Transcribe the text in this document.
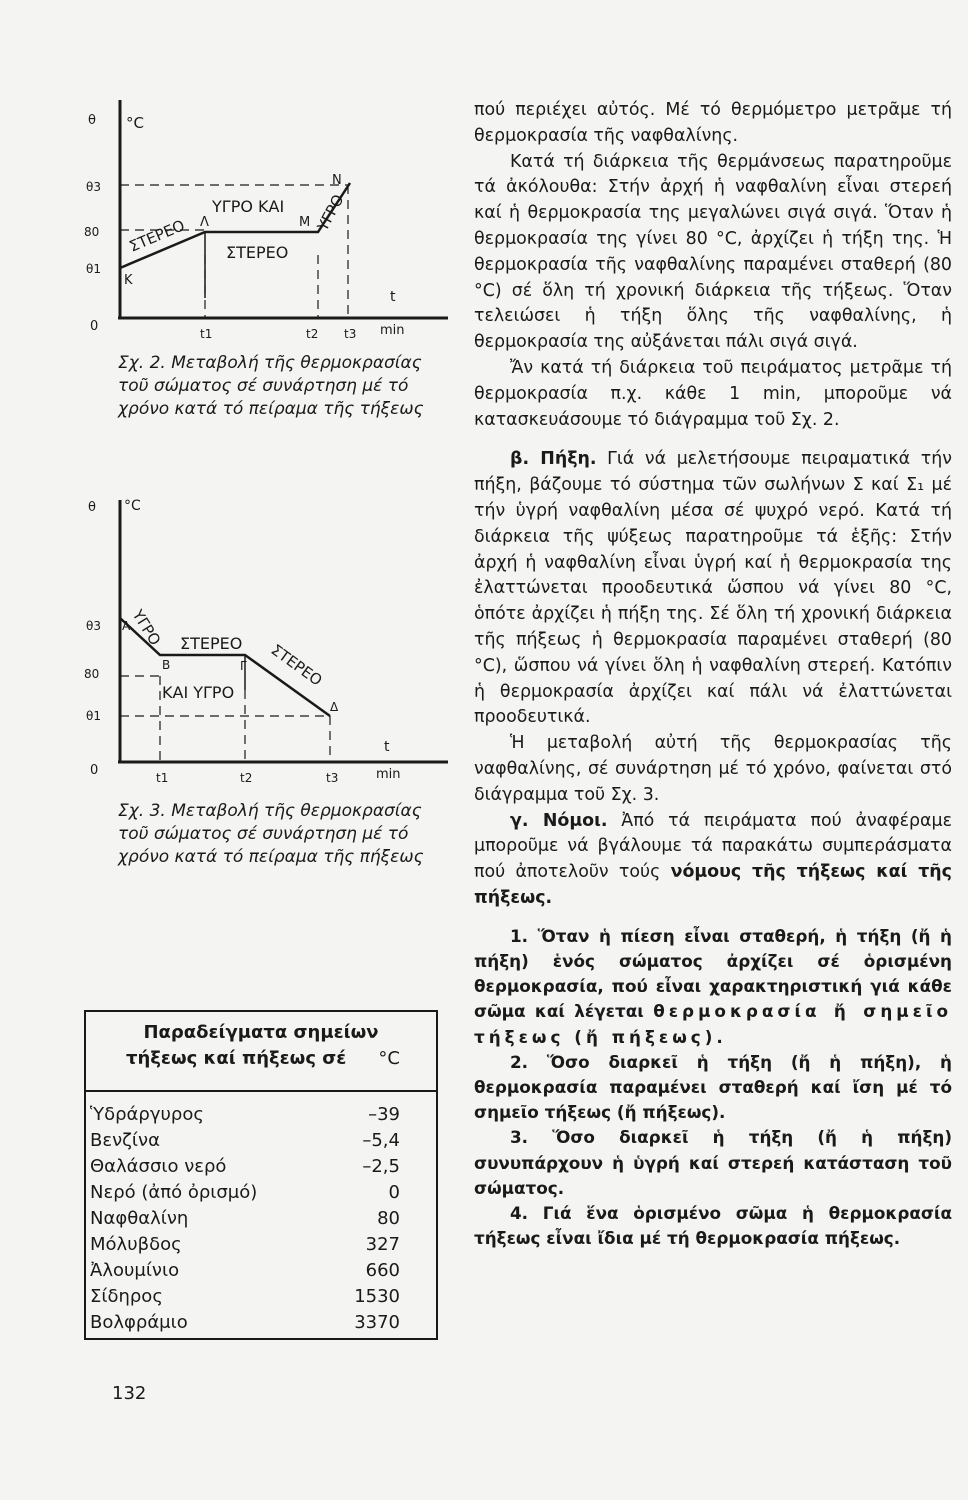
θ °C
0
θ3
80
θ1
t1	t2 t3
t
min
K
Λ	M
N
ΣΤΕΡΕΟ
ΥΓΡΟ ΚΑΙ
ΣΤΕΡΕΟ
ΥΓΡΟ
Σχ. 2. Μεταβολή τῆς θερμοκρασίας
τοῦ σώματος σέ συνάρτηση μέ τό
χρόνο κατά τό πείραμα τῆς τήξεως
θ °C
0
θ3
80
θ1
t1	t2	t3
t
min
A
B	Γ
Δ
ΥΓΡΟ ΣΤΕΡΕΟ
ΚΑΙ ΥΓΡΟ
ΣΤΕΡΕΟ
Σχ. 3. Μεταβολή τῆς θερμοκρασίας
τοῦ σώματος σέ συνάρτηση μέ τό
χρόνο κατά τό πείραμα τῆς πήξεως
Παραδείγματα σημείων
τήξεως καί πήξεως σέ °C
Ὑδράργυρος	–39
Βενζίνα	–5,4
Θαλάσσιο νερό	–2,5
Νερό (ἀπό ὀρισμό)	0
Ναφθαλίνη	80
Μόλυβδος	327
Ἀλουμίνιο	660
Σίδηρος	1530
Βολφράμιο	3370
132

πού περιέχει αὐτός. Μέ τό θερμόμετρο μετρᾶμε τή θερμοκρασία τῆς ναφθαλίνης.

Κατά τή διάρκεια τῆς θερμάνσεως παρατηροῦμε τά ἀκόλουθα: Στήν ἀρχή ἡ ναφθαλίνη εἶναι στερεή καί ἡ θερμοκρασία της μεγαλώνει σιγά σιγά. Ὅταν ἡ θερμοκρασία της γίνει 80 °C, ἀρχίζει ἡ τήξη της. Ἡ θερμοκρασία τῆς ναφθαλίνης παραμένει σταθερή (80 °C) σέ ὅλη τή χρονική διάρκεια τῆς τήξεως. Ὅταν τελειώσει ἡ τήξη ὅλης τῆς ναφθαλίνης, ἡ θερμοκρασία της αὐξάνεται πάλι σιγά σιγά.

Ἄν κατά τή διάρκεια τοῦ πειράματος μετρᾶμε τή θερμοκρασία π.χ. κάθε 1 min, μποροῦμε νά κατασκευάσουμε τό διάγραμμα τοῦ Σχ. 2.

β. Πήξη. Γιά νά μελετήσουμε πειραματικά τήν πήξη, βάζουμε τό σύστημα τῶν σωλήνων Σ καί Σ₁ μέ τήν ὑγρή ναφθαλίνη μέσα σέ ψυχρό νερό. Κατά τή διάρκεια τῆς ψύξεως παρατηροῦμε τά ἑξῆς: Στήν ἀρχή ἡ ναφθαλίνη εἶναι ὑγρή καί ἡ θερμοκρασία της ἐλαττώνεται προοδευτικά ὥσπου νά γίνει 80 °C, ὁπότε ἀρχίζει ἡ πήξη της. Σέ ὅλη τή χρονική διάρκεια τῆς πήξεως ἡ θερμοκρασία παραμένει σταθερή (80 °C), ὥσπου νά γίνει ὅλη ἡ ναφθαλίνη στερεή. Κατόπιν ἡ θερμοκρασία ἀρχίζει καί πάλι νά ἐλαττώνεται προοδευτικά.

Ἡ μεταβολή αὐτή τῆς θερμοκρασίας τῆς ναφθαλίνης, σέ συνάρτηση μέ τό χρόνο, φαίνεται στό διάγραμμα τοῦ Σχ. 3.

γ. Νόμοι. Ἀπό τά πειράματα πού ἀναφέραμε μποροῦμε νά βγάλουμε τά παρακάτω συμπεράσματα πού ἀποτελοῦν τούς νόμους τῆς τήξεως καί τῆς πήξεως.

1. Ὅταν ἡ πίεση εἶναι σταθερή, ἡ τήξη (ἤ ἡ πήξη) ἑνός σώματος ἀρχίζει σέ ὁρισμένη θερμοκρασία, πού εἶναι χαρακτηριστική γιά κάθε σῶμα καί λέγεται θερμοκρασία ἤ σημεῖο τήξεως (ἤ πήξεως).

2. Ὅσο διαρκεῖ ἡ τήξη (ἤ ἡ πήξη), ἡ θερμοκρασία παραμένει σταθερή καί ἴση μέ τό σημεῖο τήξεως (ἤ πήξεως).

3. Ὅσο διαρκεῖ ἡ τήξη (ἤ ἡ πήξη) συνυπάρχουν ἡ ὑγρή καί στερεή κατάσταση τοῦ σώματος.

4. Γιά ἕνα ὁρισμένο σῶμα ἡ θερμοκρασία τήξεως εἶναι ἴδια μέ τή θερμοκρασία πήξεως.
